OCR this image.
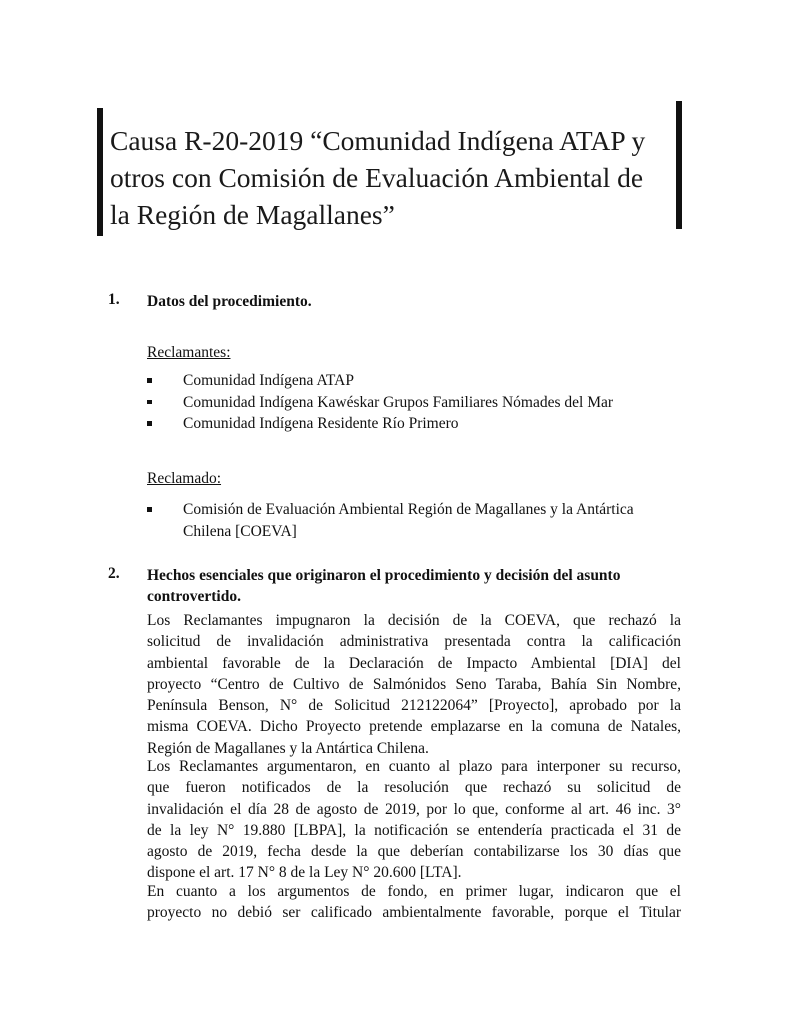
Causa R-20-2019 “Comunidad Indígena ATAP y
otros con Comisión de Evaluación Ambiental de
la Región de Magallanes”
1. Datos del procedimiento.
Reclamantes:
Comunidad Indígena ATAP
Comunidad Indígena Kawéskar Grupos Familiares Nómades del Mar
Comunidad Indígena Residente Río Primero
Reclamado:
Comisión de Evaluación Ambiental Región de Magallanes y la Antártica
Chilena [COEVA]
2. Hechos esenciales que originaron el procedimiento y decisión del asunto
controvertido.

Los Reclamantes impugnaron la decisión de la COEVA, que rechazó la
solicitud de invalidación administrativa presentada contra la calificación
ambiental favorable de la Declaración de Impacto Ambiental [DIA] del
proyecto “Centro de Cultivo de Salmónidos Seno Taraba, Bahía Sin Nombre,
Península Benson, N° de Solicitud 212122064” [Proyecto], aprobado por la
misma COEVA. Dicho Proyecto pretende emplazarse en la comuna de Natales,
Región de Magallanes y la Antártica Chilena.

Los Reclamantes argumentaron, en cuanto al plazo para interponer su recurso,
que fueron notificados de la resolución que rechazó su solicitud de
invalidación el día 28 de agosto de 2019, por lo que, conforme al art. 46 inc. 3°
de la ley N° 19.880 [LBPA], la notificación se entendería practicada el 31 de
agosto de 2019, fecha desde la que deberían contabilizarse los 30 días que
dispone el art. 17 N° 8 de la Ley N° 20.600 [LTA].

En cuanto a los argumentos de fondo, en primer lugar, indicaron que el
proyecto no debió ser calificado ambientalmente favorable, porque el Titular
